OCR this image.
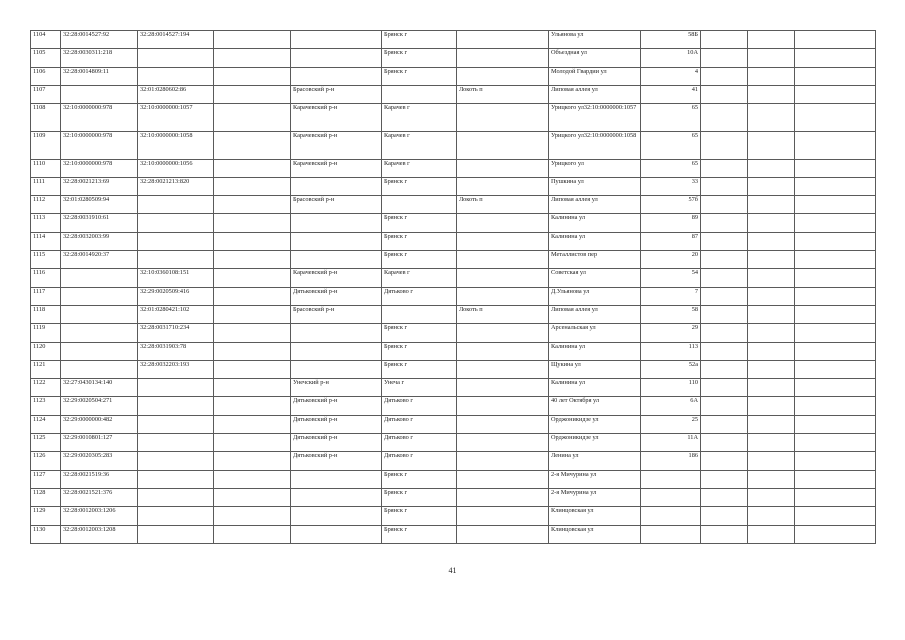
1104	32:28:0014527:92	32:28:0014527:194			Брянск г		Ульянова ул	58Б			
1105	32:28:0030311:218				Брянск г		Объездная ул	10А			
1106	32:28:0014809:11				Брянск г		Молодой Гвардии ул	4			
1107		32:01:0280602:86		Брасовский р-н		Локоть п	Липовая аллея ул	41			
1108	32:10:0000000:978	32:10:0000000:1057		Карачевский р-н	Карачев г		Урицкого ул32:10:0000000:1057	65			
1109	32:10:0000000:978	32:10:0000000:1058		Карачевский р-н	Карачев г		Урицкого ул32:10:0000000:1058	65			
1110	32:10:0000000:978	32:10:0000000:1056		Карачевский р-н	Карачев г		Урицкого ул	65			
1111	32:28:0021213:69	32:28:0021213:820			Брянск г		Пушкина ул	33			
1112	32:01:0280509:94			Брасовский р-н		Локоть п	Липовая аллея ул	57б			
1113	32:28:0031910:61				Брянск г		Калинина ул	89			
1114	32:28:0032003:99				Брянск г		Калинина ул	87			
1115	32:28:0014920:37				Брянск г		Металлистов пер	20			
1116		32:10:0360108:151		Карачевский р-н	Карачев г		Советская ул	54			
1117		32:29:0020509:416		Дятьковский р-н	Дятьково г		Д.Ульянова ул	7			
1118		32:01:0280421:102		Брасовский р-н		Локоть п	Липовая аллея ул	58			
1119		32:28:0031710:234			Брянск г		Арсенальская ул	29			
1120		32:28:0031903:78			Брянск г		Калинина ул	113			
1121		32:28:0032203:193			Брянск г		Щукина ул	52а			
1122	32:27:0430134:140			Унечский р-н	Унеча г		Калинина ул	110			
1123	32:29:0020504:271			Дятьковский р-н	Дятьково г		40 лет Октября ул	6А			
1124	32:29:0000000:482			Дятьковский р-н	Дятьково г		Орджоникидзе ул	25			
1125	32:29:0010801:127			Дятьковский р-н	Дятьково г		Орджоникидзе ул	11А			
1126	32:29:0020305:283			Дятьковский р-н	Дятьково г		Ленина ул	186			
1127	32:28:0021519:36				Брянск г		2-я Мичурина ул				
1128	32:28:0021521:376				Брянск г		2-я Мичурина ул				
1129	32:28:0012003:1206				Брянск г		Клинцовская ул				
1130	32:28:0012003:1208				Брянск г		Клинцовская ул				
41
